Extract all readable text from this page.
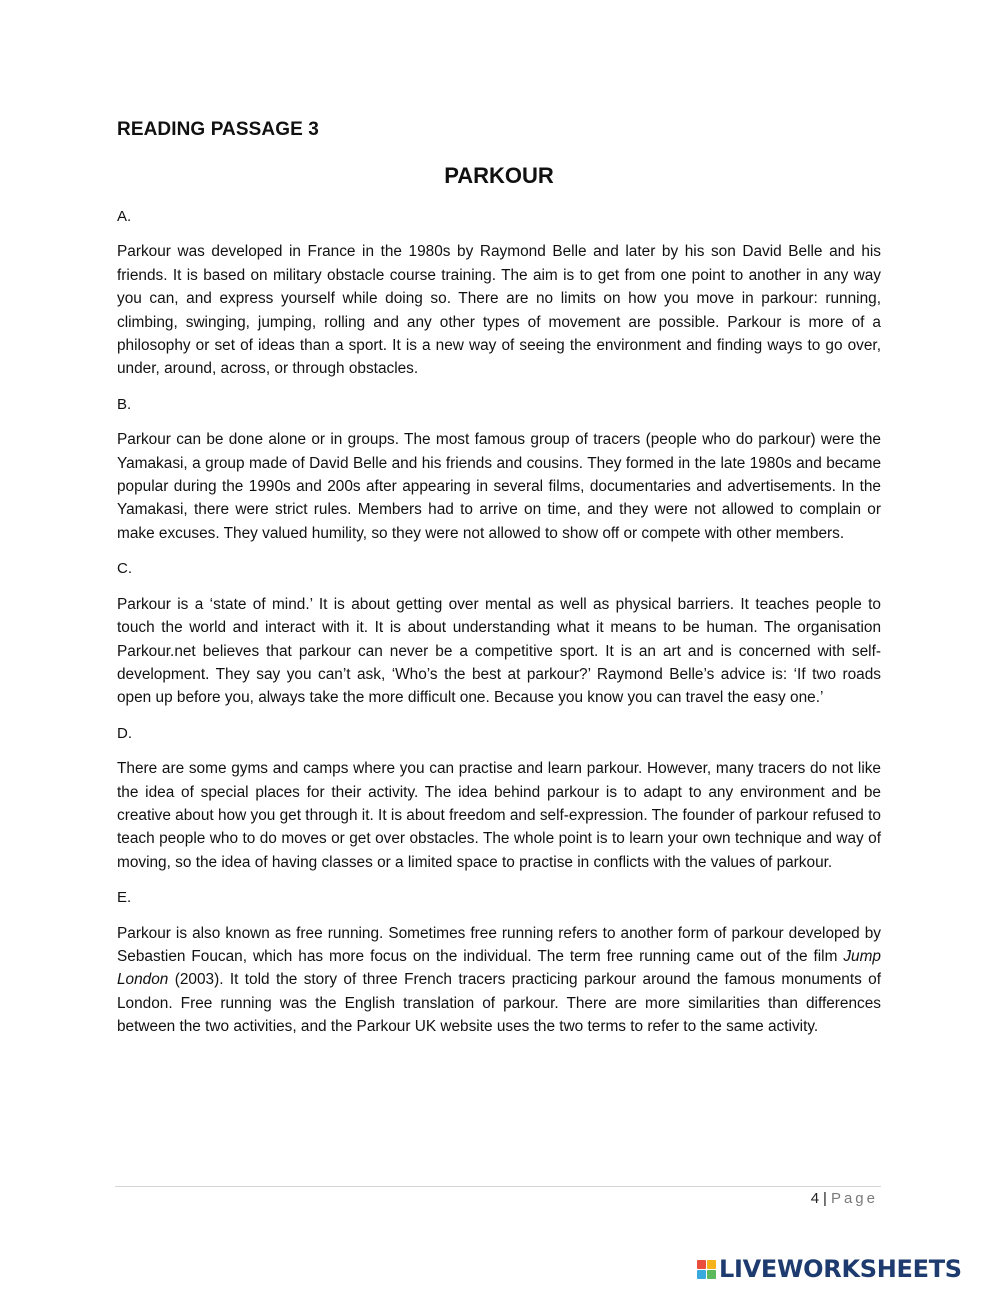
READING PASSAGE 3
PARKOUR

A.

Parkour was developed in France in the 1980s by Raymond Belle and later by his son David Belle and his friends. It is based on military obstacle course training. The aim is to get from one point to another in any way you can, and express yourself while doing so. There are no limits on how you move in parkour: running, climbing, swinging, jumping, rolling and any other types of movement are possible. Parkour is more of a philosophy or set of ideas than a sport. It is a new way of seeing the environment and finding ways to go over, under, around, across, or through obstacles.

B.

Parkour can be done alone or in groups. The most famous group of tracers (people who do parkour) were the Yamakasi, a group made of David Belle and his friends and cousins. They formed in the late 1980s and became popular during the 1990s and 200s after appearing in several films, documentaries and advertisements. In the Yamakasi, there were strict rules. Members had to arrive on time, and they were not allowed to complain or make excuses. They valued humility, so they were not allowed to show off or compete with other members.

C.

Parkour is a ‘state of mind.’ It is about getting over mental as well as physical barriers. It teaches people to touch the world and interact with it. It is about understanding what it means to be human. The organisation Parkour.net believes that parkour can never be a competitive sport. It is an art and is concerned with self-development. They say you can’t ask, ‘Who’s the best at parkour?’ Raymond Belle’s advice is: ‘If two roads open up before you, always take the more difficult one. Because you know you can travel the easy one.’

D.

There are some gyms and camps where you can practise and learn parkour. However, many tracers do not like the idea of special places for their activity. The idea behind parkour is to adapt to any environment and be creative about how you get through it. It is about freedom and self-expression. The founder of parkour refused to teach people who to do moves or get over obstacles. The whole point is to learn your own technique and way of moving, so the idea of having classes or a limited space to practise in conflicts with the values of parkour.

E.

Parkour is also known as free running. Sometimes free running refers to another form of parkour developed by Sebastien Foucan, which has more focus on the individual. The term free running came out of the film Jump London (2003). It told the story of three French tracers practicing parkour around the famous monuments of London. Free running was the English translation of parkour. There are more similarities than differences between the two activities, and the Parkour UK website uses the two terms to refer to the same activity.

4 | Page
LIVEWORKSHEETS
